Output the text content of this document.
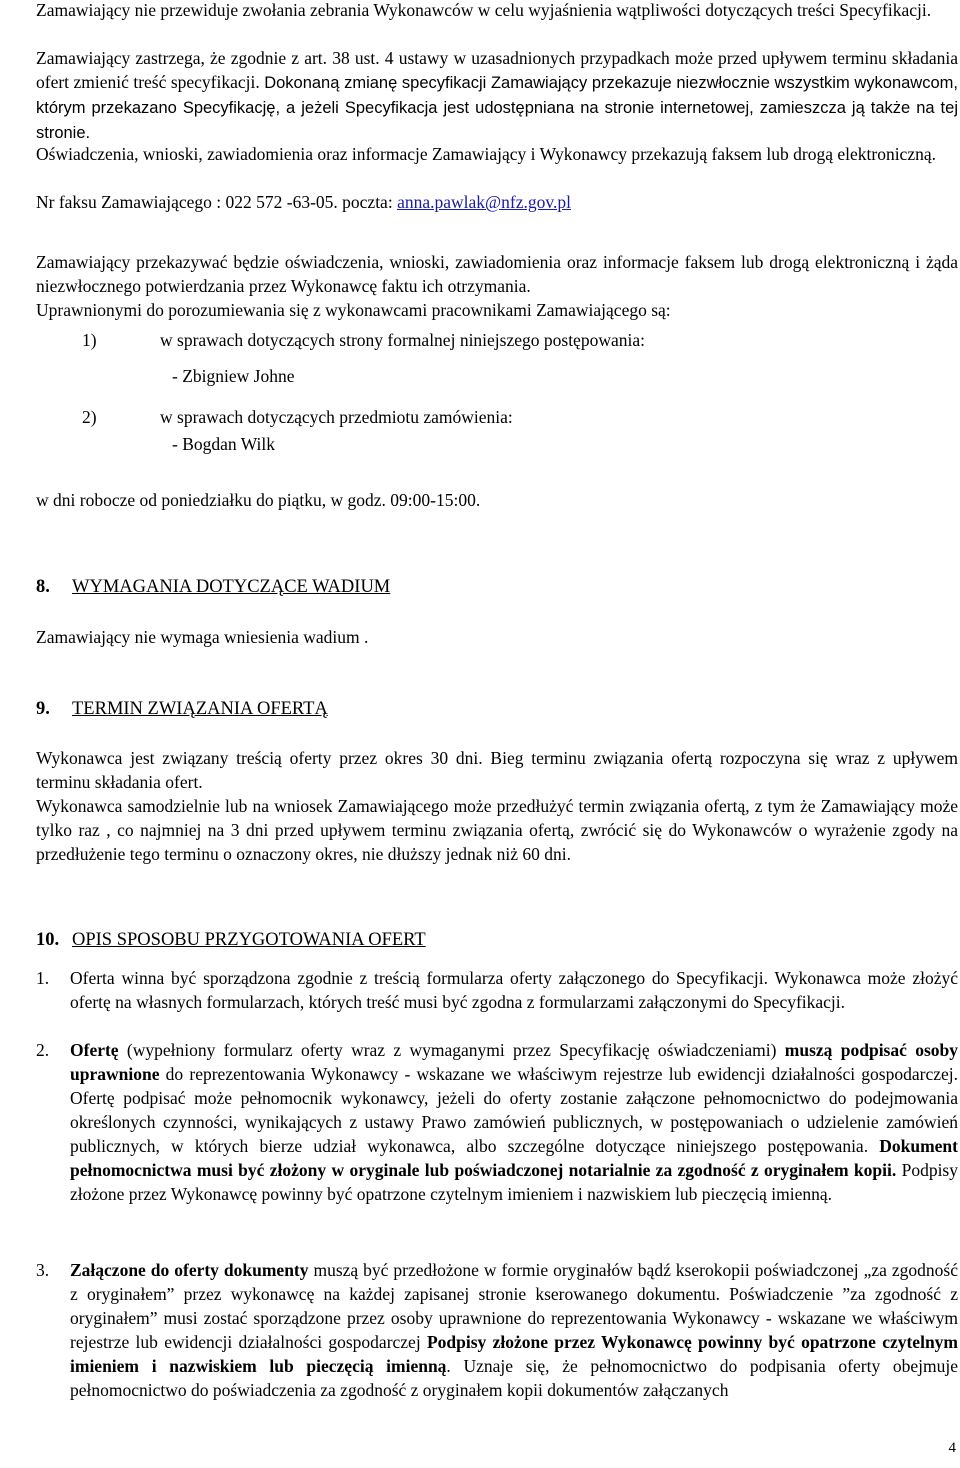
Zamawiający nie przewiduje zwołania zebrania Wykonawców w celu wyjaśnienia wątpliwości dotyczących treści Specyfikacji.

Zamawiający zastrzega, że zgodnie z art. 38 ust. 4 ustawy w uzasadnionych przypadkach może przed upływem terminu składania ofert zmienić treść specyfikacji. Dokonaną zmianę specyfikacji Zamawiający przekazuje niezwłocznie wszystkim wykonawcom, którym przekazano Specyfikację, a jeżeli Specyfikacja jest udostępniana na stronie internetowej, zamieszcza ją także na tej stronie.

Oświadczenia, wnioski, zawiadomienia oraz informacje Zamawiający i Wykonawcy przekazują faksem lub drogą elektroniczną.

Nr faksu Zamawiającego : 022 572 -63-05. poczta: anna.pawlak@nfz.gov.pl

Zamawiający przekazywać będzie oświadczenia, wnioski, zawiadomienia oraz informacje faksem lub drogą elektroniczną i żąda niezwłocznego potwierdzania przez Wykonawcę faktu ich otrzymania.

Uprawnionymi do porozumiewania się z wykonawcami pracownikami Zamawiającego są:

1)	w sprawach dotyczących strony formalnej niniejszego postępowania:

- Zbigniew Johne

2)	w sprawach dotyczących przedmiotu zamówienia:

- Bogdan Wilk

w dni robocze od poniedziałku do piątku, w godz. 09:00-15:00.

8. WYMAGANIA DOTYCZĄCE WADIUM

Zamawiający nie wymaga wniesienia wadium .

9. TERMIN ZWIĄZANIA OFERTĄ

Wykonawca jest związany treścią oferty przez okres 30 dni. Bieg terminu związania ofertą rozpoczyna się wraz z upływem terminu składania ofert.

Wykonawca samodzielnie lub na wniosek Zamawiającego może przedłużyć termin związania ofertą, z tym że Zamawiający może tylko raz , co najmniej na 3 dni przed upływem terminu związania ofertą, zwrócić się do Wykonawców o wyrażenie zgody na przedłużenie tego terminu o oznaczony okres, nie dłuższy jednak niż 60 dni.

10. OPIS SPOSOBU PRZYGOTOWANIA OFERT
1. Oferta winna być sporządzona zgodnie z treścią formularza oferty załączonego do Specyfikacji. Wykonawca może złożyć ofertę na własnych formularzach, których treść musi być zgodna z formularzami załączonymi do Specyfikacji.

2. Ofertę (wypełniony formularz oferty wraz z wymaganymi przez Specyfikację oświadczeniami) muszą podpisać osoby uprawnione do reprezentowania Wykonawcy - wskazane we właściwym rejestrze lub ewidencji działalności gospodarczej. Ofertę podpisać może pełnomocnik wykonawcy, jeżeli do oferty zostanie załączone pełnomocnictwo do podejmowania określonych czynności, wynikających z ustawy Prawo zamówień publicznych, w postępowaniach o udzielenie zamówień publicznych, w których bierze udział wykonawca, albo szczególne dotyczące niniejszego postępowania. Dokument pełnomocnictwa musi być złożony w oryginale lub poświadczonej notarialnie za zgodność z oryginałem kopii. Podpisy złożone przez Wykonawcę powinny być opatrzone czytelnym imieniem i nazwiskiem lub pieczęcią imienną.

3. Załączone do oferty dokumenty muszą być przedłożone w formie oryginałów bądź kserokopii poświadczonej „za zgodność z oryginałem” przez wykonawcę na każdej zapisanej stronie kserowanego dokumentu. Poświadczenie ”za zgodność z oryginałem” musi zostać sporządzone przez osoby uprawnione do reprezentowania Wykonawcy - wskazane we właściwym rejestrze lub ewidencji działalności gospodarczej Podpisy złożone przez Wykonawcę powinny być opatrzone czytelnym imieniem i nazwiskiem lub pieczęcią imienną. Uznaje się, że pełnomocnictwo do podpisania oferty obejmuje pełnomocnictwo do poświadczenia za zgodność z oryginałem kopii dokumentów załączanych

4
